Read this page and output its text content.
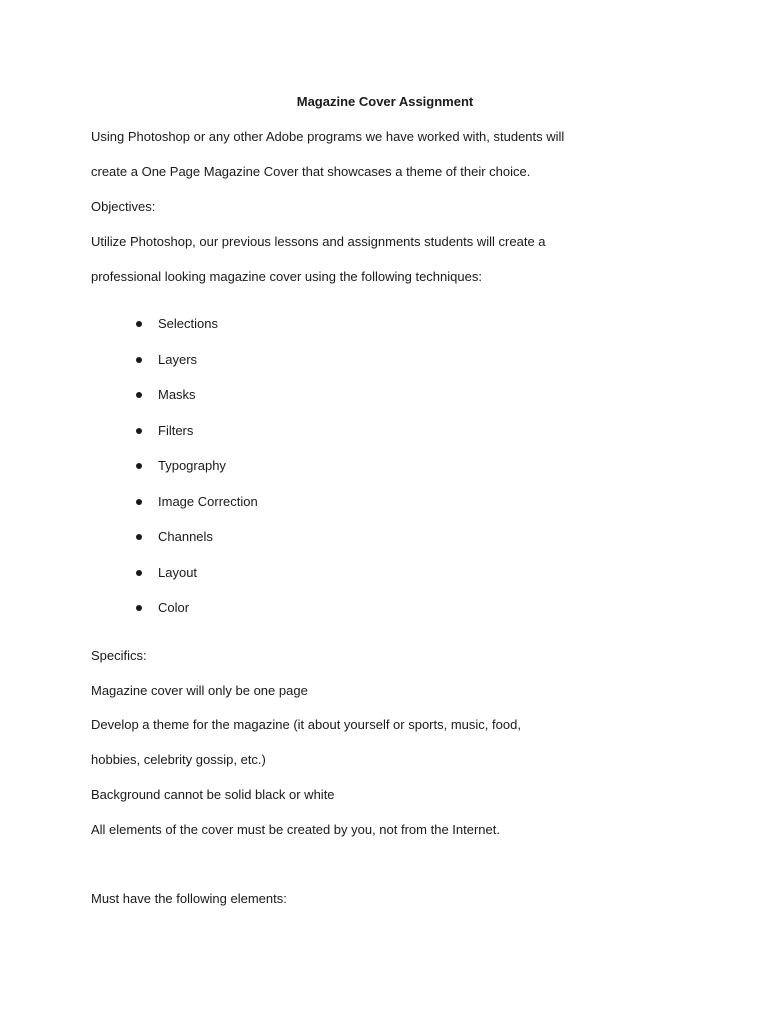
Magazine Cover Assignment
Using Photoshop or any other Adobe programs we have worked with, students will
create a One Page Magazine Cover that showcases a theme of their choice.
Objectives:
Utilize Photoshop, our previous lessons and assignments students will create a
professional looking magazine cover using the following techniques:
Selections
Layers
Masks
Filters
Typography
Image Correction
Channels
Layout
Color
Specifics:
Magazine cover will only be one page
Develop a theme for the magazine (it about yourself or sports, music, food,
hobbies, celebrity gossip, etc.)
Background cannot be solid black or white
All elements of the cover must be created by you, not from the Internet.
Must have the following elements:
